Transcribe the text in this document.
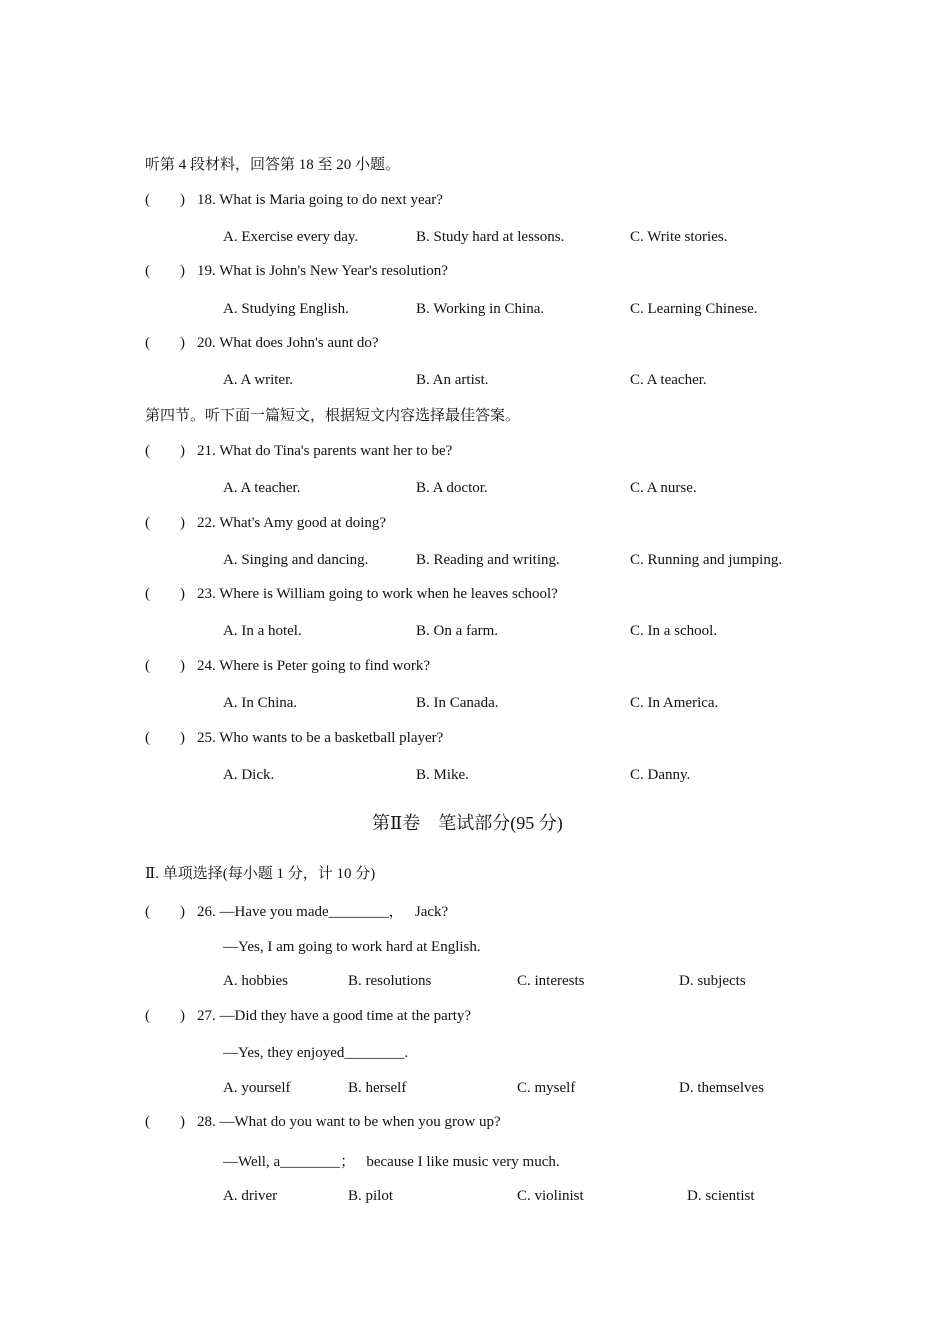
听第 4 段材料，回答第 18 至 20 小题。
(        ) 18. What is Maria going to do next year?
A. Exercise every day.	B. Study hard at lessons.	C. Write stories.
(        ) 19. What is John's New Year's resolution?
A. Studying English.	B. Working in China.	C. Learning Chinese.
(        ) 20. What does John's aunt do?
A. A writer.	B. An artist.	C. A teacher.
第四节。听下面一篇短文，根据短文内容选择最佳答案。
(        ) 21. What do Tina's parents want her to be?
A. A teacher.	B. A doctor.	C. A nurse.
(        ) 22. What's Amy good at doing?
A. Singing and dancing.	B. Reading and writing.	C. Running and jumping.
(        ) 23. Where is William going to work when he leaves school?
A. In a hotel.	B. On a farm.	C. In a school.
(        ) 24. Where is Peter going to find work?
A. In China.	B. In Canada.	C. In America.
(        ) 25. Who wants to be a basketball player?
A. Dick.	B. Mike.	C. Danny.
第Ⅱ卷　笔试部分(95 分)
Ⅱ. 单项选择(每小题 1 分，计 10 分)
(        ) 26. —Have you made________，   Jack?
—Yes, I am going to work hard at English.
A. hobbies	B. resolutions	C. interests	D. subjects
(        ) 27. —Did they have a good time at the party?
—Yes, they enjoyed________.
A. yourself	B. herself	C. myself	D. themselves
(        ) 28. —What do you want to be when you grow up?
—Well, a________；   because I like music very much.
A. driver	B. pilot	C. violinist	D. scientist
